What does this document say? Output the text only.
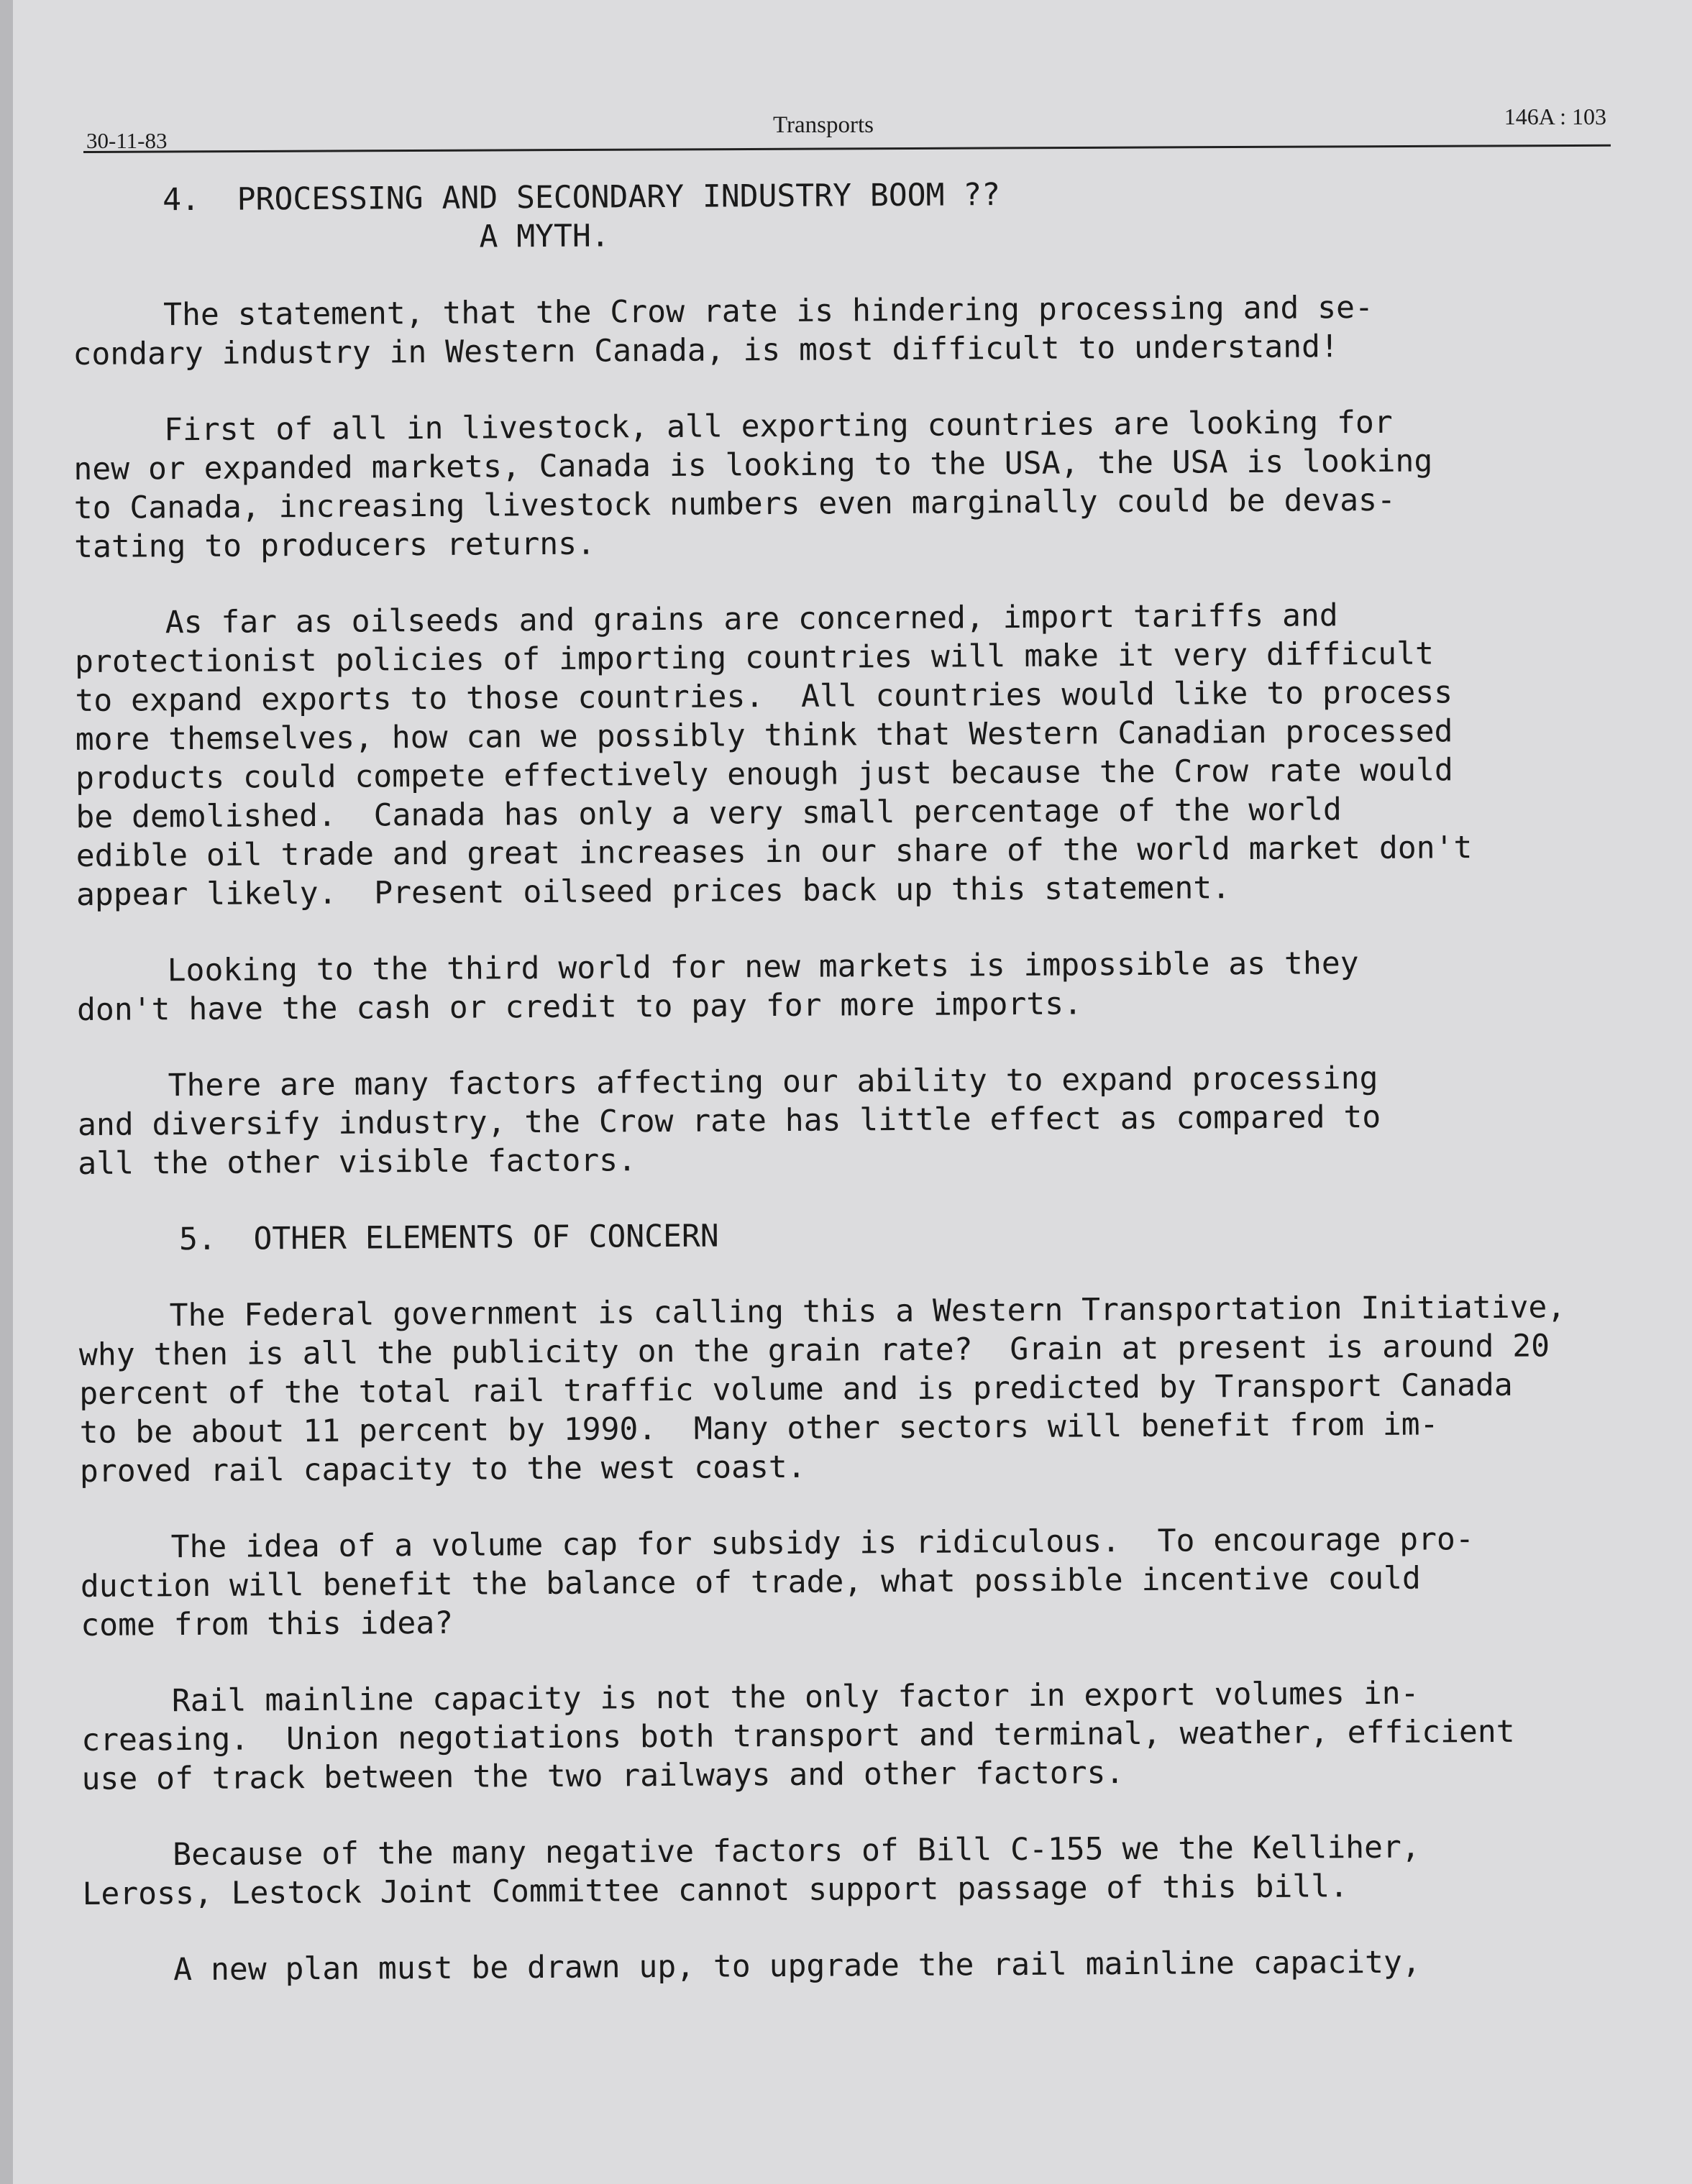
30-11-83
Transports	146A : 103
4.  PROCESSING AND SECONDARY INDUSTRY BOOM ??
A MYTH.
The statement, that the Crow rate is hindering processing and se-
condary industry in Western Canada, is most difficult to understand!
First of all in livestock, all exporting countries are looking for
new or expanded markets, Canada is looking to the USA, the USA is looking
to Canada, increasing livestock numbers even marginally could be devas-
tating to producers returns.
As far as oilseeds and grains are concerned, import tariffs and
protectionist policies of importing countries will make it very difficult
to expand exports to those countries.  All countries would like to process
more themselves, how can we possibly think that Western Canadian processed
products could compete effectively enough just because the Crow rate would
be demolished.  Canada has only a very small percentage of the world
edible oil trade and great increases in our share of the world market don't
appear likely.  Present oilseed prices back up this statement.
Looking to the third world for new markets is impossible as they
don't have the cash or credit to pay for more imports.
There are many factors affecting our ability to expand processing
and diversify industry, the Crow rate has little effect as compared to
all the other visible factors.
5.  OTHER ELEMENTS OF CONCERN
The Federal government is calling this a Western Transportation Initiative,
why then is all the publicity on the grain rate?  Grain at present is around 20
percent of the total rail traffic volume and is predicted by Transport Canada
to be about 11 percent by 1990.  Many other sectors will benefit from im-
proved rail capacity to the west coast.
The idea of a volume cap for subsidy is ridiculous.  To encourage pro-
duction will benefit the balance of trade, what possible incentive could
come from this idea?
Rail mainline capacity is not the only factor in export volumes in-
creasing.  Union negotiations both transport and terminal, weather, efficient
use of track between the two railways and other factors.
Because of the many negative factors of Bill C-155 we the Kelliher,
Leross, Lestock Joint Committee cannot support passage of this bill.
A new plan must be drawn up, to upgrade the rail mainline capacity,
